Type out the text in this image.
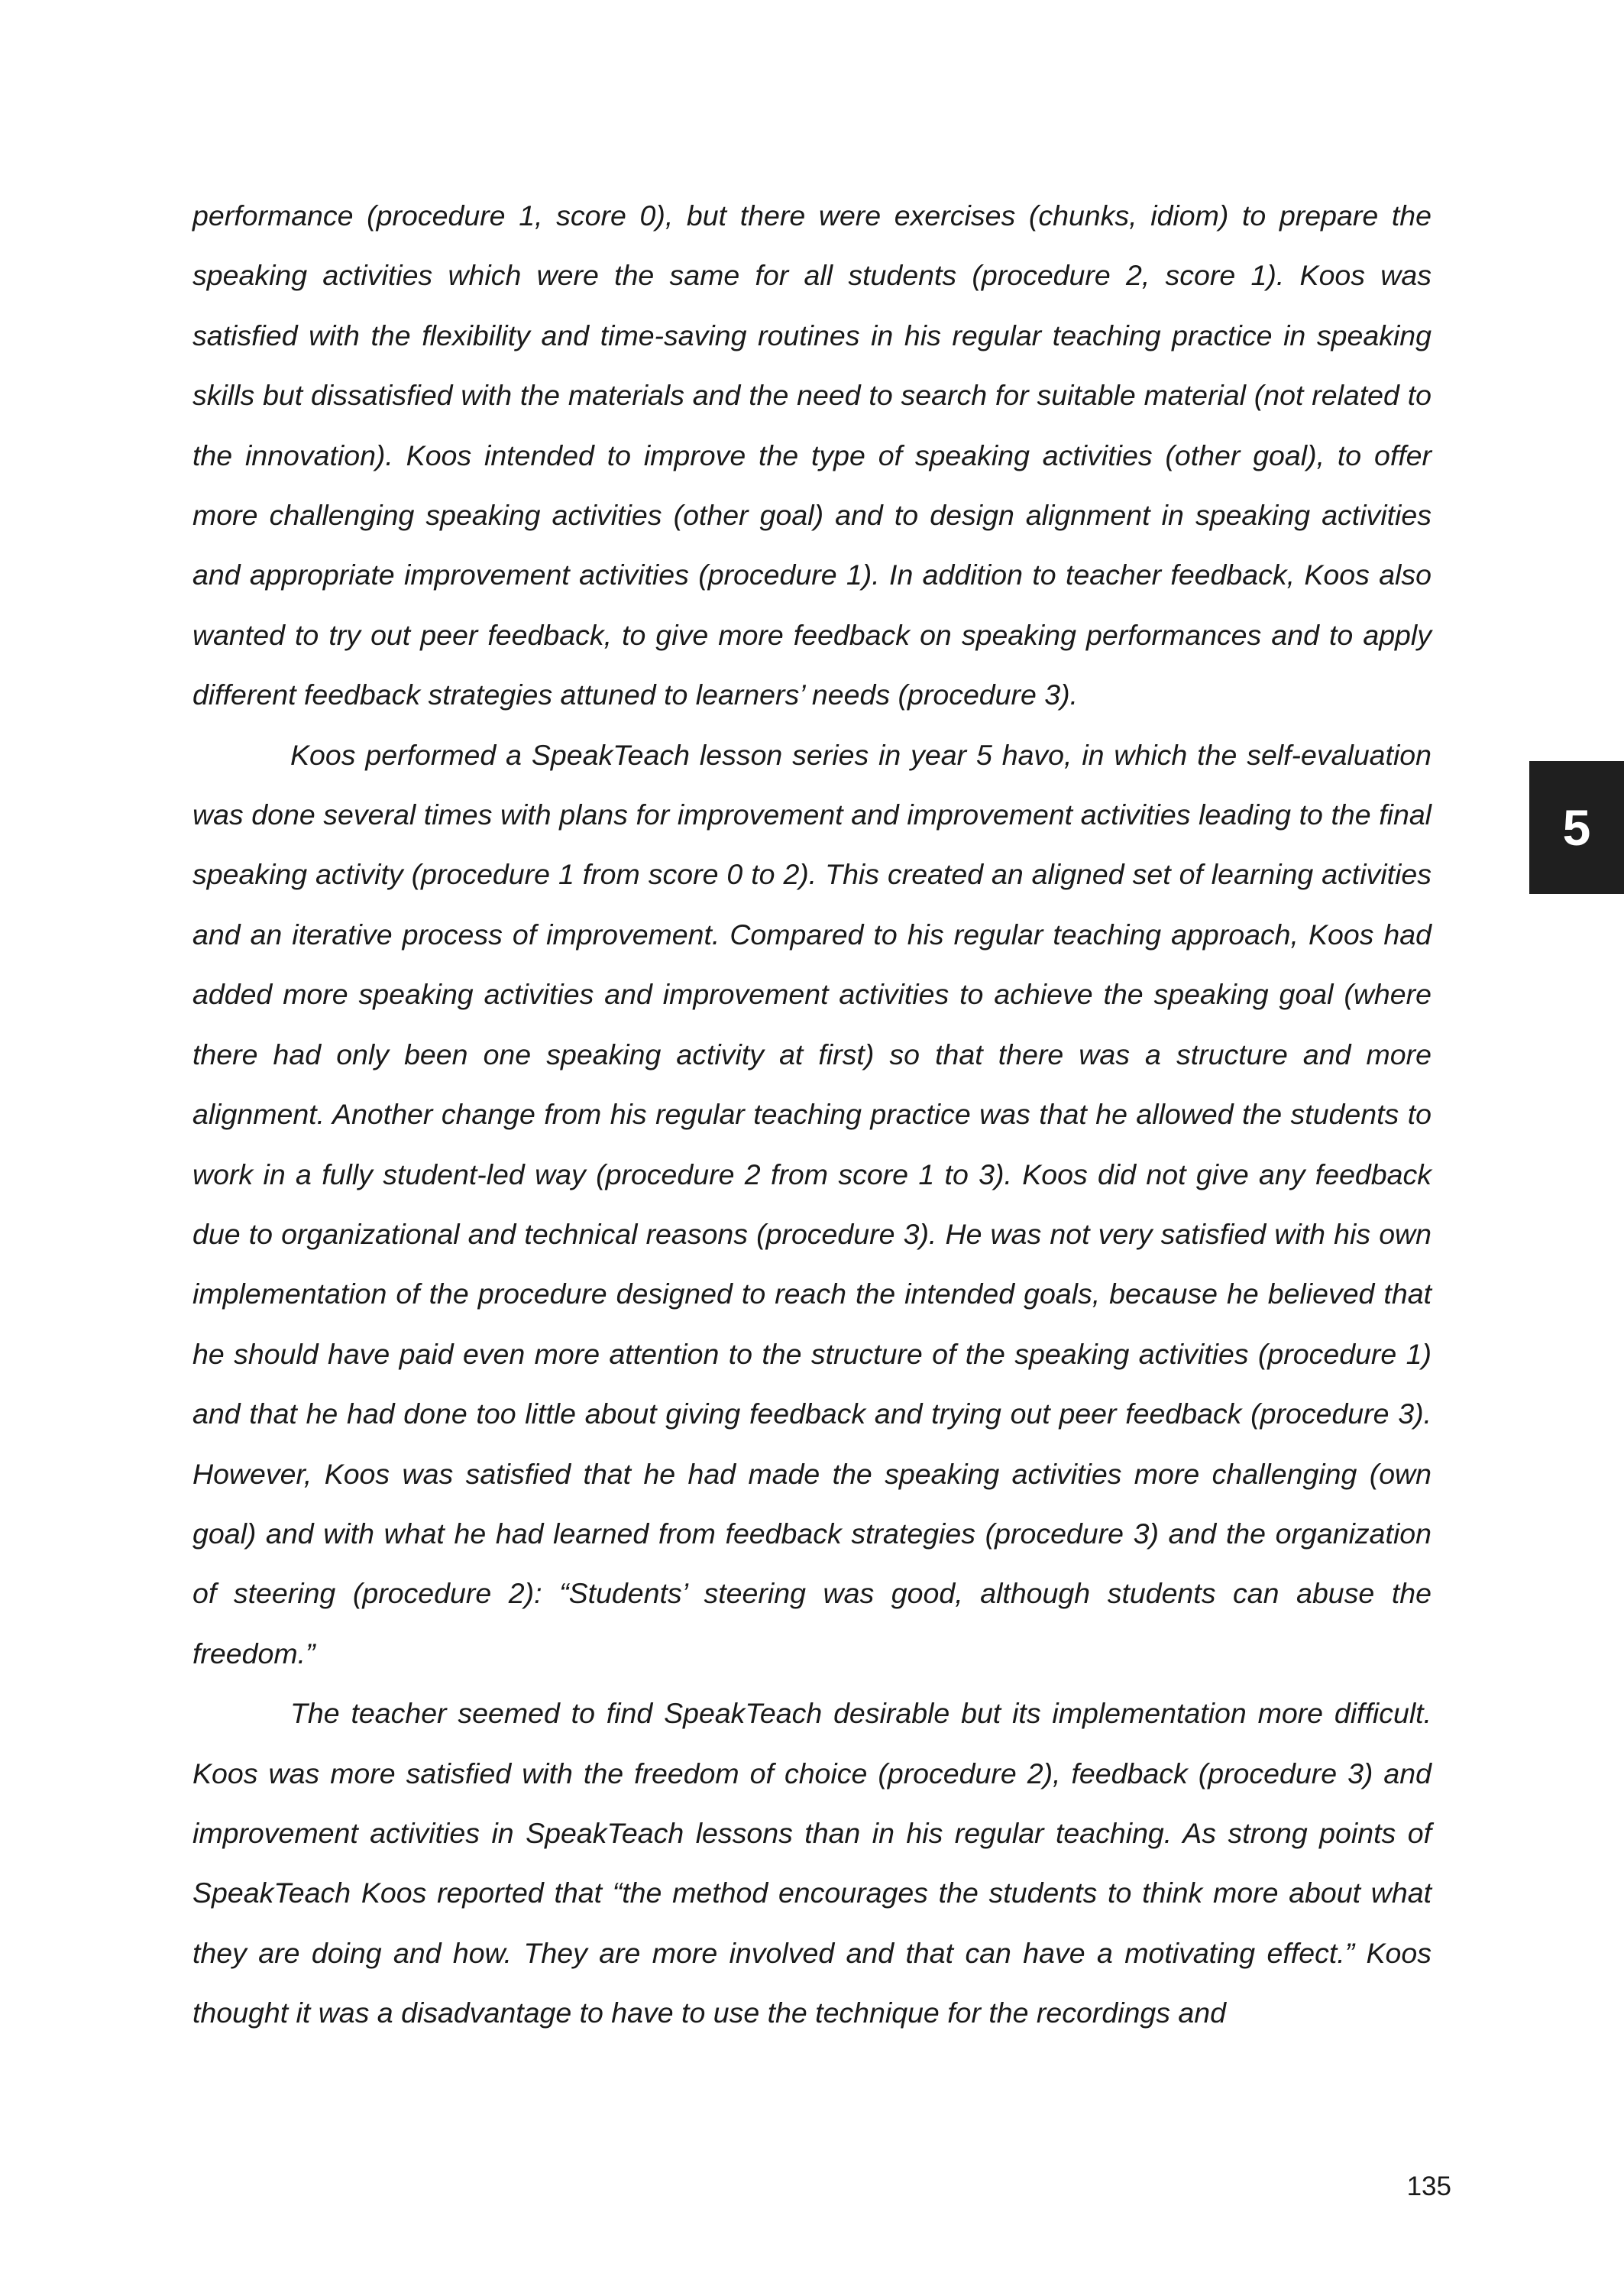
performance (procedure 1, score 0), but there were exercises (chunks, idiom) to prepare the speaking activities which were the same for all students (procedure 2, score 1). Koos was satisfied with the flexibility and time-saving routines in his regular teaching practice in speaking skills but dissatisfied with the materials and the need to search for suitable material (not related to the innovation). Koos intended to improve the type of speaking activities (other goal), to offer more challenging speaking activities (other goal) and to design alignment in speaking activities and appropriate improvement activities (procedure 1). In addition to teacher feedback, Koos also wanted to try out peer feedback, to give more feedback on speaking performances and to apply different feedback strategies attuned to learners’ needs (procedure 3).

Koos performed a SpeakTeach lesson series in year 5 havo, in which the self-evaluation was done several times with plans for improvement and improvement activities leading to the final speaking activity (procedure 1 from score 0 to 2). This created an aligned set of learning activities and an iterative process of improvement. Compared to his regular teaching approach, Koos had added more speaking activities and improvement activities to achieve the speaking goal (where there had only been one speaking activity at first) so that there was a structure and more alignment. Another change from his regular teaching practice was that he allowed the students to work in a fully student-led way (procedure 2 from score 1 to 3). Koos did not give any feedback due to organizational and technical reasons (procedure 3). He was not very satisfied with his own implementation of the procedure designed to reach the intended goals, because he believed that he should have paid even more attention to the structure of the speaking activities (procedure 1) and that he had done too little about giving feedback and trying out peer feedback (procedure 3). However, Koos was satisfied that he had made the speaking activities more challenging (own goal) and with what he had learned from feedback strategies (procedure 3) and the organization of steering (procedure 2): “Students’ steering was good, although students can abuse the freedom.”

The teacher seemed to find SpeakTeach desirable but its implementation more difficult. Koos was more satisfied with the freedom of choice (procedure 2), feedback (procedure 3) and improvement activities in SpeakTeach lessons than in his regular teaching. As strong points of SpeakTeach Koos reported that “the method encourages the students to think more about what they are doing and how. They are more involved and that can have a motivating effect.” Koos thought it was a disadvantage to have to use the technique for the recordings and

5
135
